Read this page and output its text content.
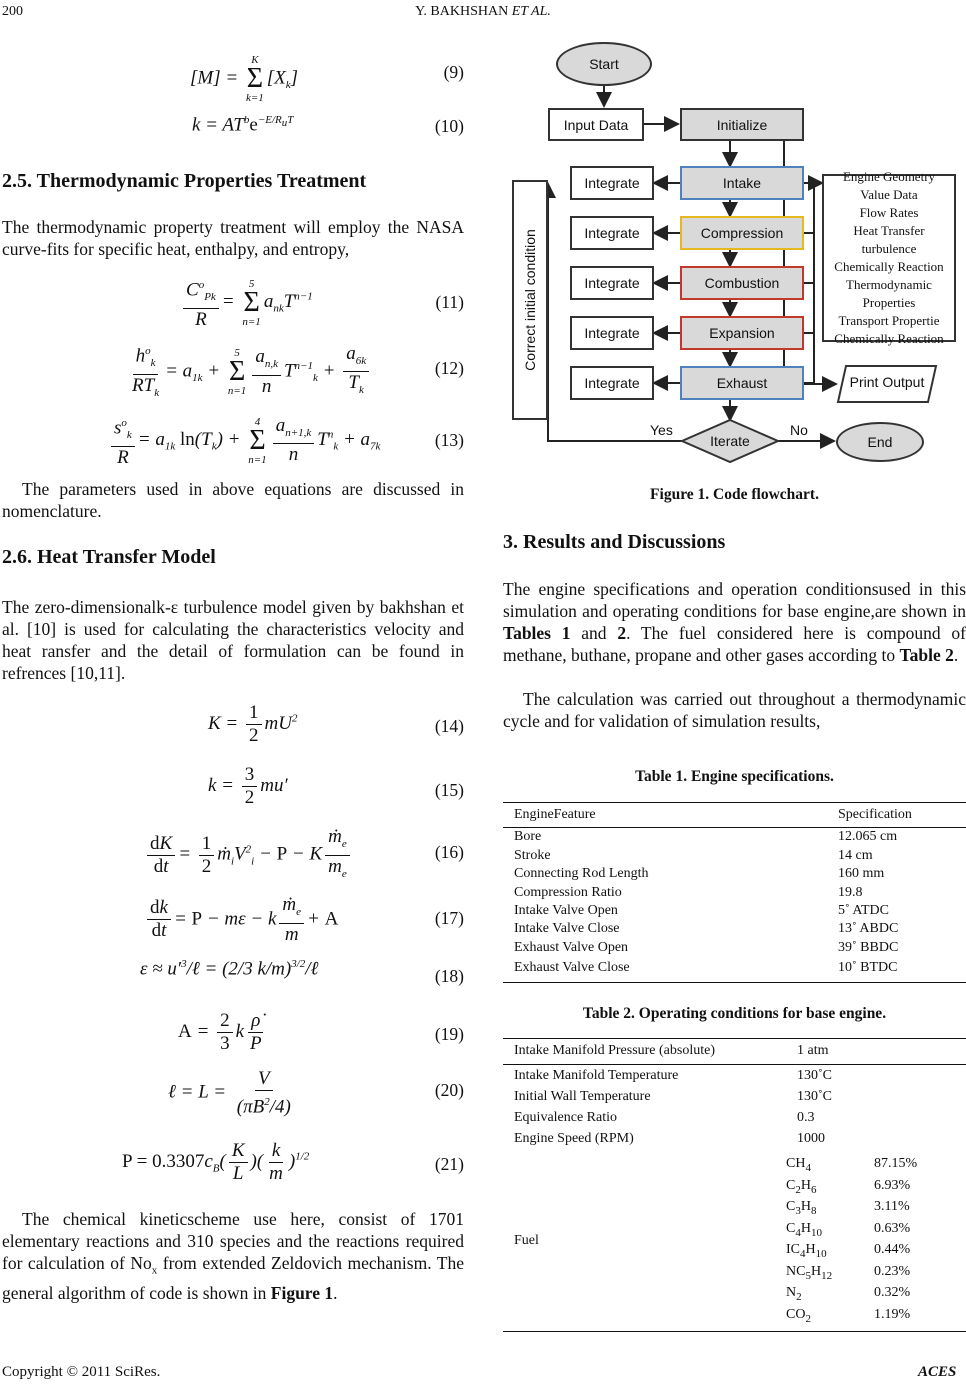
200	Y. BAKHSHAN ET AL.
[M] =
K
Σ
k=1
$[X_k]$	(9)
$k = AT^be^{-E/R_uT}$	(10)
2.5. Thermodynamic Properties Treatment

The thermodynamic property treatment will employ the NASA curve-fits for specific heat, enthalpy, and entropy,

$\frac{C^o_{Pk}}{R}$ =
5
Σ
n=1
$a_{nk}T^{n-1}$	(11)
$\frac{h^o_k}{RT_k} = a_{1k}$ +
5
Σ
$n=1 \frac{a_{n,k}}{n} T^{n-1}_k + \frac{a_{6k}}{T_k}$	(12)
$\frac{s^o_k}{R} = a_{1k}$ $\ln(T_k)$ +
4
Σ
$n=1 \frac{a_{n+1,k}}{n} T^n_k + a_{7k}$	(13)

The parameters used in above equations are discussed in nomenclature.

2.6. Heat Transfer Model

The zero-dimensionalk-ε turbulence model given by bakhshan et al. [10] is used for calculating the characteristics velocity and heat ransfer and the detail of formulation can be found in refrences [10,11].

$K = \frac{1}{2} mU^2$	(14)
$k = \frac{3}{2} mu'$	(15)
$\frac{dK}{dt} = \frac{1}{2}$ $ṁ_iV^2_i - P - K \frac{ṁ_e}{m_e}$	(16)
$\frac{dk}{dt} = P - m\varepsilon - k \frac{ṁ_e}{m} + A$	(17)
$\varepsilon \approx u'^3/\ell = (2/3$ k/m)$^{3/2}$/ℓ	(18)
$A = \frac{2}{3}$ k $\frac{\rhȯ}{P}$	(19)
ℓ = $L = \frac{V}{(\pi B^2/4)}$	(20)
$P = 0.3307c_B( \frac{K}{L}$ )( $\frac{k}{m} )^{1/2}$	(21)

The chemical kineticscheme use here, consist of 1701 elementary reactions and 310 species and the reactions required for calculation of $No_x$ from extended Zeldovich mechanism. The general algorithm of code is shown in Figure 1.

Start
Input Data	Initialize
Correct initial condition
Integrate
Integrate
Integrate
Integrate
Integrate
Intake
Compression
Combustion
Expansion
Exhaust
Engine Geometry
Value Data
Flow Rates
Heat Transfer
turbulence
Chemically Reaction
Thermodynamic Properties
Transport Propertie
Chemically Reaction
Print Output
Iterate
Yes	No
End

Figure 1. Code flowchart.

3. Results and Discussions

The engine specifications and operation conditionsused in this simulation and operating conditions for base engine,are shown in Tables 1 and 2. The fuel considered here is compound of methane, buthane, propane and other gases according to Table 2.

The calculation was carried out throughout a thermodynamic cycle and for validation of simulation results,

Table 1. Engine specifications.

EngineFeature	Specification
Bore	12.065 cm
Stroke	14 cm
Connecting Rod Length	160 mm
Compression Ratio	19.8
Intake Valve Open	5˚ ATDC
Intake Valve Close	13˚ ABDC
Exhaust Valve Open	39˚ BBDC
Exhaust Valve Close	10˚ BTDC

Table 2. Operating conditions for base engine.

Intake Manifold Pressure (absolute)	1 atm
Intake Manifold Temperature	130˚C
Initial Wall Temperature	130˚C
Equivalence Ratio	0.3
Engine Speed (RPM)	1000
Fuel
$CH_4$	87.15%
$C_2H_6$	6.93%
$C_3H_8$	3.11%
$C_4H_{10}$	0.63%
$IC_4H_{10}$	0.44%
$NC_5H_{12}$	0.23%
$N_2$	0.32%
$CO_2$	1.19%
Copyright © 2011 SciRes.	ACES
